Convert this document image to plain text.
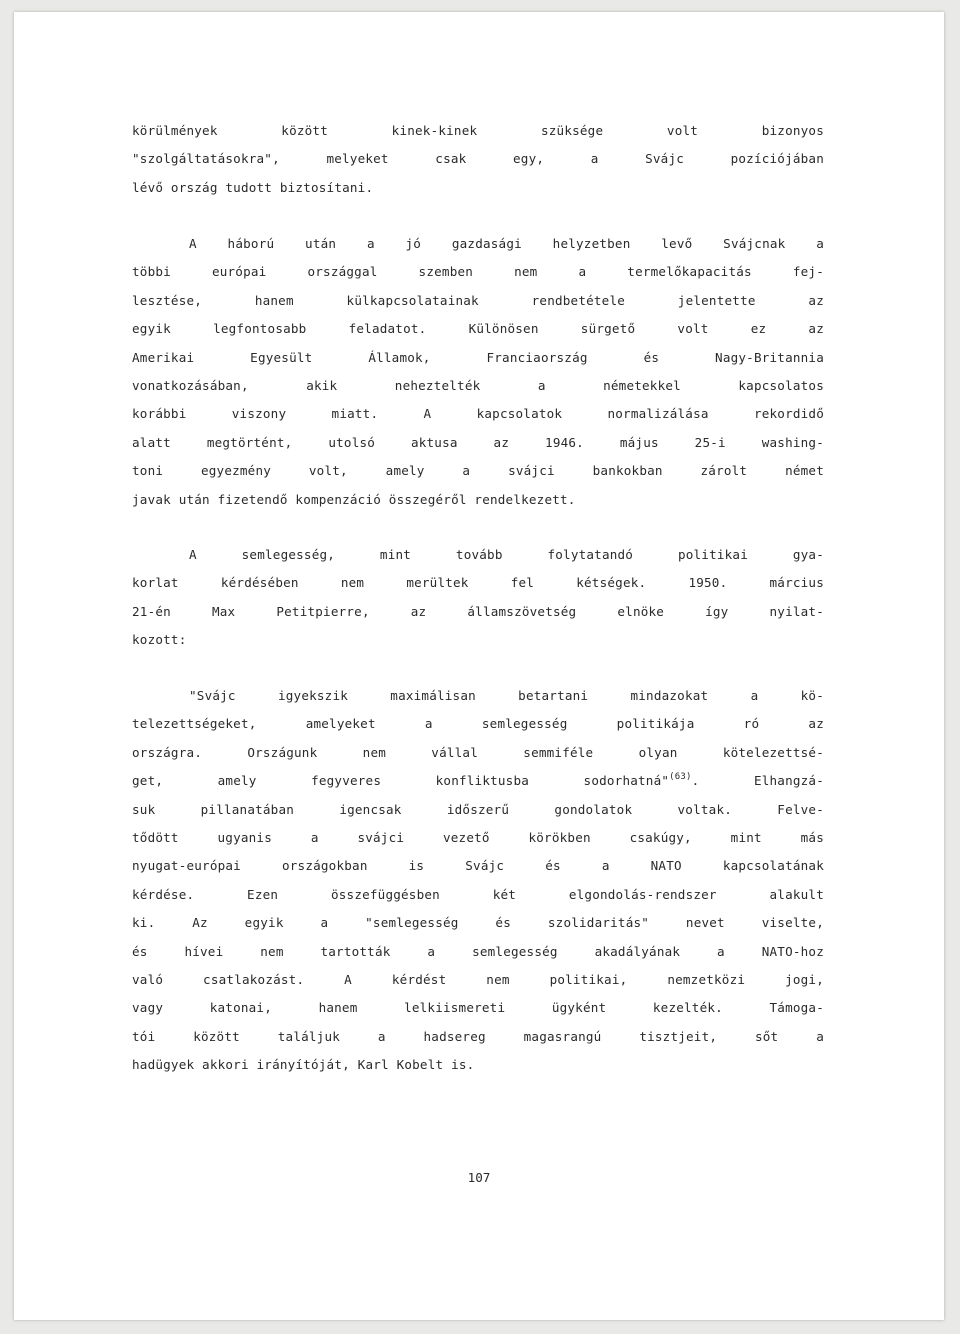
körülmények között kinek-kinek szüksége volt bizonyos
"szolgáltatásokra", melyeket csak egy, a Svájc pozíciójában
lévő ország tudott biztosítani.
A háború után a jó gazdasági helyzetben levő Svájcnak a
többi európai országgal szemben nem a termelőkapacitás fej-
lesztése, hanem külkapcsolatainak rendbetétele jelentette az
egyik legfontosabb feladatot. Különösen sürgető volt ez az
Amerikai Egyesült Államok, Franciaország és Nagy-Britannia
vonatkozásában, akik neheztelték a németekkel kapcsolatos
korábbi viszony miatt. A kapcsolatok normalizálása rekordidő
alatt megtörtént, utolsó aktusa az 1946. május 25-i washing-
toni egyezmény volt, amely a svájci bankokban zárolt német
javak után fizetendő kompenzáció összegéről rendelkezett.
A semlegesség, mint tovább folytatandó politikai gya-
korlat kérdésében nem merültek fel kétségek. 1950. március
21-én Max Petitpierre, az államszövetség elnöke így nyilat-
kozott:
"Svájc igyekszik maximálisan betartani mindazokat a kö-
telezettségeket, amelyeket a semlegesség politikája ró az
országra. Országunk nem vállal semmiféle olyan kötelezettsé-
get, amely fegyveres konfliktusba sodorhatná"$^{(63)}$. Elhangzá-
suk pillanatában igencsak időszerű gondolatok voltak. Felve-
tődött ugyanis a svájci vezető körökben csakúgy, mint más
nyugat-európai országokban is Svájc és a NATO kapcsolatának
kérdése. Ezen összefüggésben két elgondolás-rendszer alakult
ki. Az egyik a "semlegesség és szolidaritás" nevet viselte,
és hívei nem tartották a semlegesség akadályának a NATO-hoz
való csatlakozást. A kérdést nem politikai, nemzetközi jogi,
vagy katonai, hanem lelkiismereti ügyként kezelték. Támoga-
tói között találjuk a hadsereg magasrangú tisztjeit, sőt a
hadügyek akkori irányítóját, Karl Kobelt is.
107
